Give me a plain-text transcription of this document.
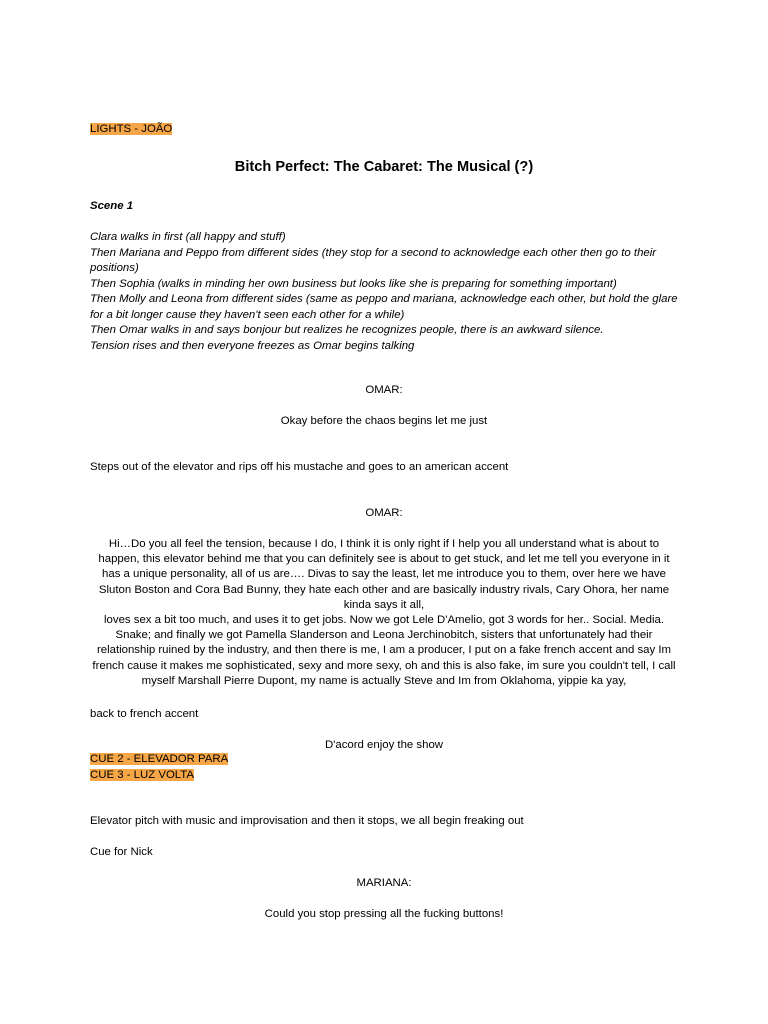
LIGHTS - JOÃO
Bitch Perfect: The Cabaret: The Musical (?)
Scene 1
Clara walks in first (all happy and stuff)
Then Mariana and Peppo from different sides (they stop for a second to acknowledge each other then go to their
positions)
Then Sophia (walks in minding her own business but looks like she is preparing for something important)
Then Molly and Leona from different sides (same as peppo and mariana, acknowledge each other, but hold the glare
for a bit longer cause they haven't seen each other for a while)
Then Omar walks in and says bonjour but realizes he recognizes people, there is an awkward silence.
Tension rises and then everyone freezes as Omar begins talking
OMAR:
Okay before the chaos begins let me just
Steps out of the elevator and rips off his mustache and goes to an american accent
OMAR:
Hi…Do you all feel the tension, because I do, I think it is only right if I help you all understand what is about to
happen, this elevator behind me that you can definitely see is about to get stuck, and let me tell you everyone in it
has a unique personality, all of us are…. Divas to say the least, let me introduce you to them, over here we have
Sluton Boston and Cora Bad Bunny, they hate each other and are basically industry rivals, Cary Ohora, her name
kinda says it all,
loves sex a bit too much, and uses it to get jobs. Now we got Lele D'Amelio, got 3 words for her.. Social. Media.
Snake; and finally we got Pamella Slanderson and Leona Jerchinobitch, sisters that unfortunately had their
relationship ruined by the industry, and then there is me, I am a producer, I put on a fake french accent and say Im
french cause it makes me sophisticated, sexy and more sexy, oh and this is also fake, im sure you couldn't tell, I call
myself Marshall Pierre Dupont, my name is actually Steve and Im from Oklahoma, yippie ka yay,
back to french accent
D'acord enjoy the show
CUE 2 - ELEVADOR PARA
CUE 3 - LUZ VOLTA
Elevator pitch with music and improvisation and then it stops, we all begin freaking out
Cue for Nick
MARIANA:
Could you stop pressing all the fucking buttons!
